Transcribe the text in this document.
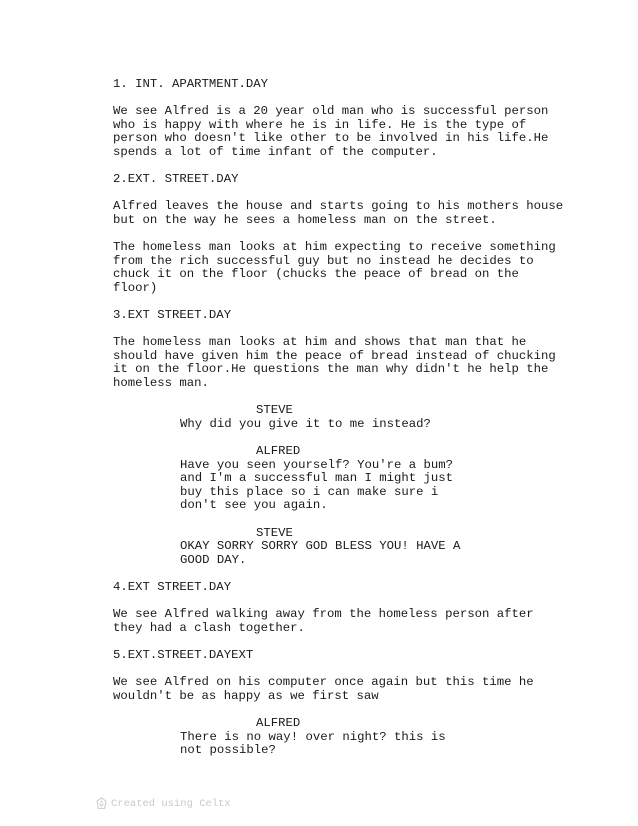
1. INT. APARTMENT.DAY
We see Alfred is a 20 year old man who is successful person
who is happy with where he is in life. He is the type of
person who doesn't like other to be involved in his life.He
spends a lot of time infant of the computer.
2.EXT. STREET.DAY
Alfred leaves the house and starts going to his mothers house
but on the way he sees a homeless man on the street.
The homeless man looks at him expecting to receive something
from the rich successful guy but no instead he decides to
chuck it on the floor (chucks the peace of bread on the
floor)
3.EXT STREET.DAY
The homeless man looks at him and shows that man that he
should have given him the peace of bread instead of chucking
it on the floor.He questions the man why didn't he help the
homeless man.
STEVE
Why did you give it to me instead?
ALFRED
Have you seen yourself? You're a bum?
and I'm a successful man I might just
buy this place so i can make sure i
don't see you again.
STEVE
OKAY SORRY SORRY GOD BLESS YOU! HAVE A
GOOD DAY.
4.EXT STREET.DAY
We see Alfred walking away from the homeless person after
they had a clash together.
5.EXT.STREET.DAYEXT
We see Alfred on his computer once again but this time he
wouldn't be as happy as we first saw
ALFRED
There is no way! over night? this is
not possible?
Created using Celtx
